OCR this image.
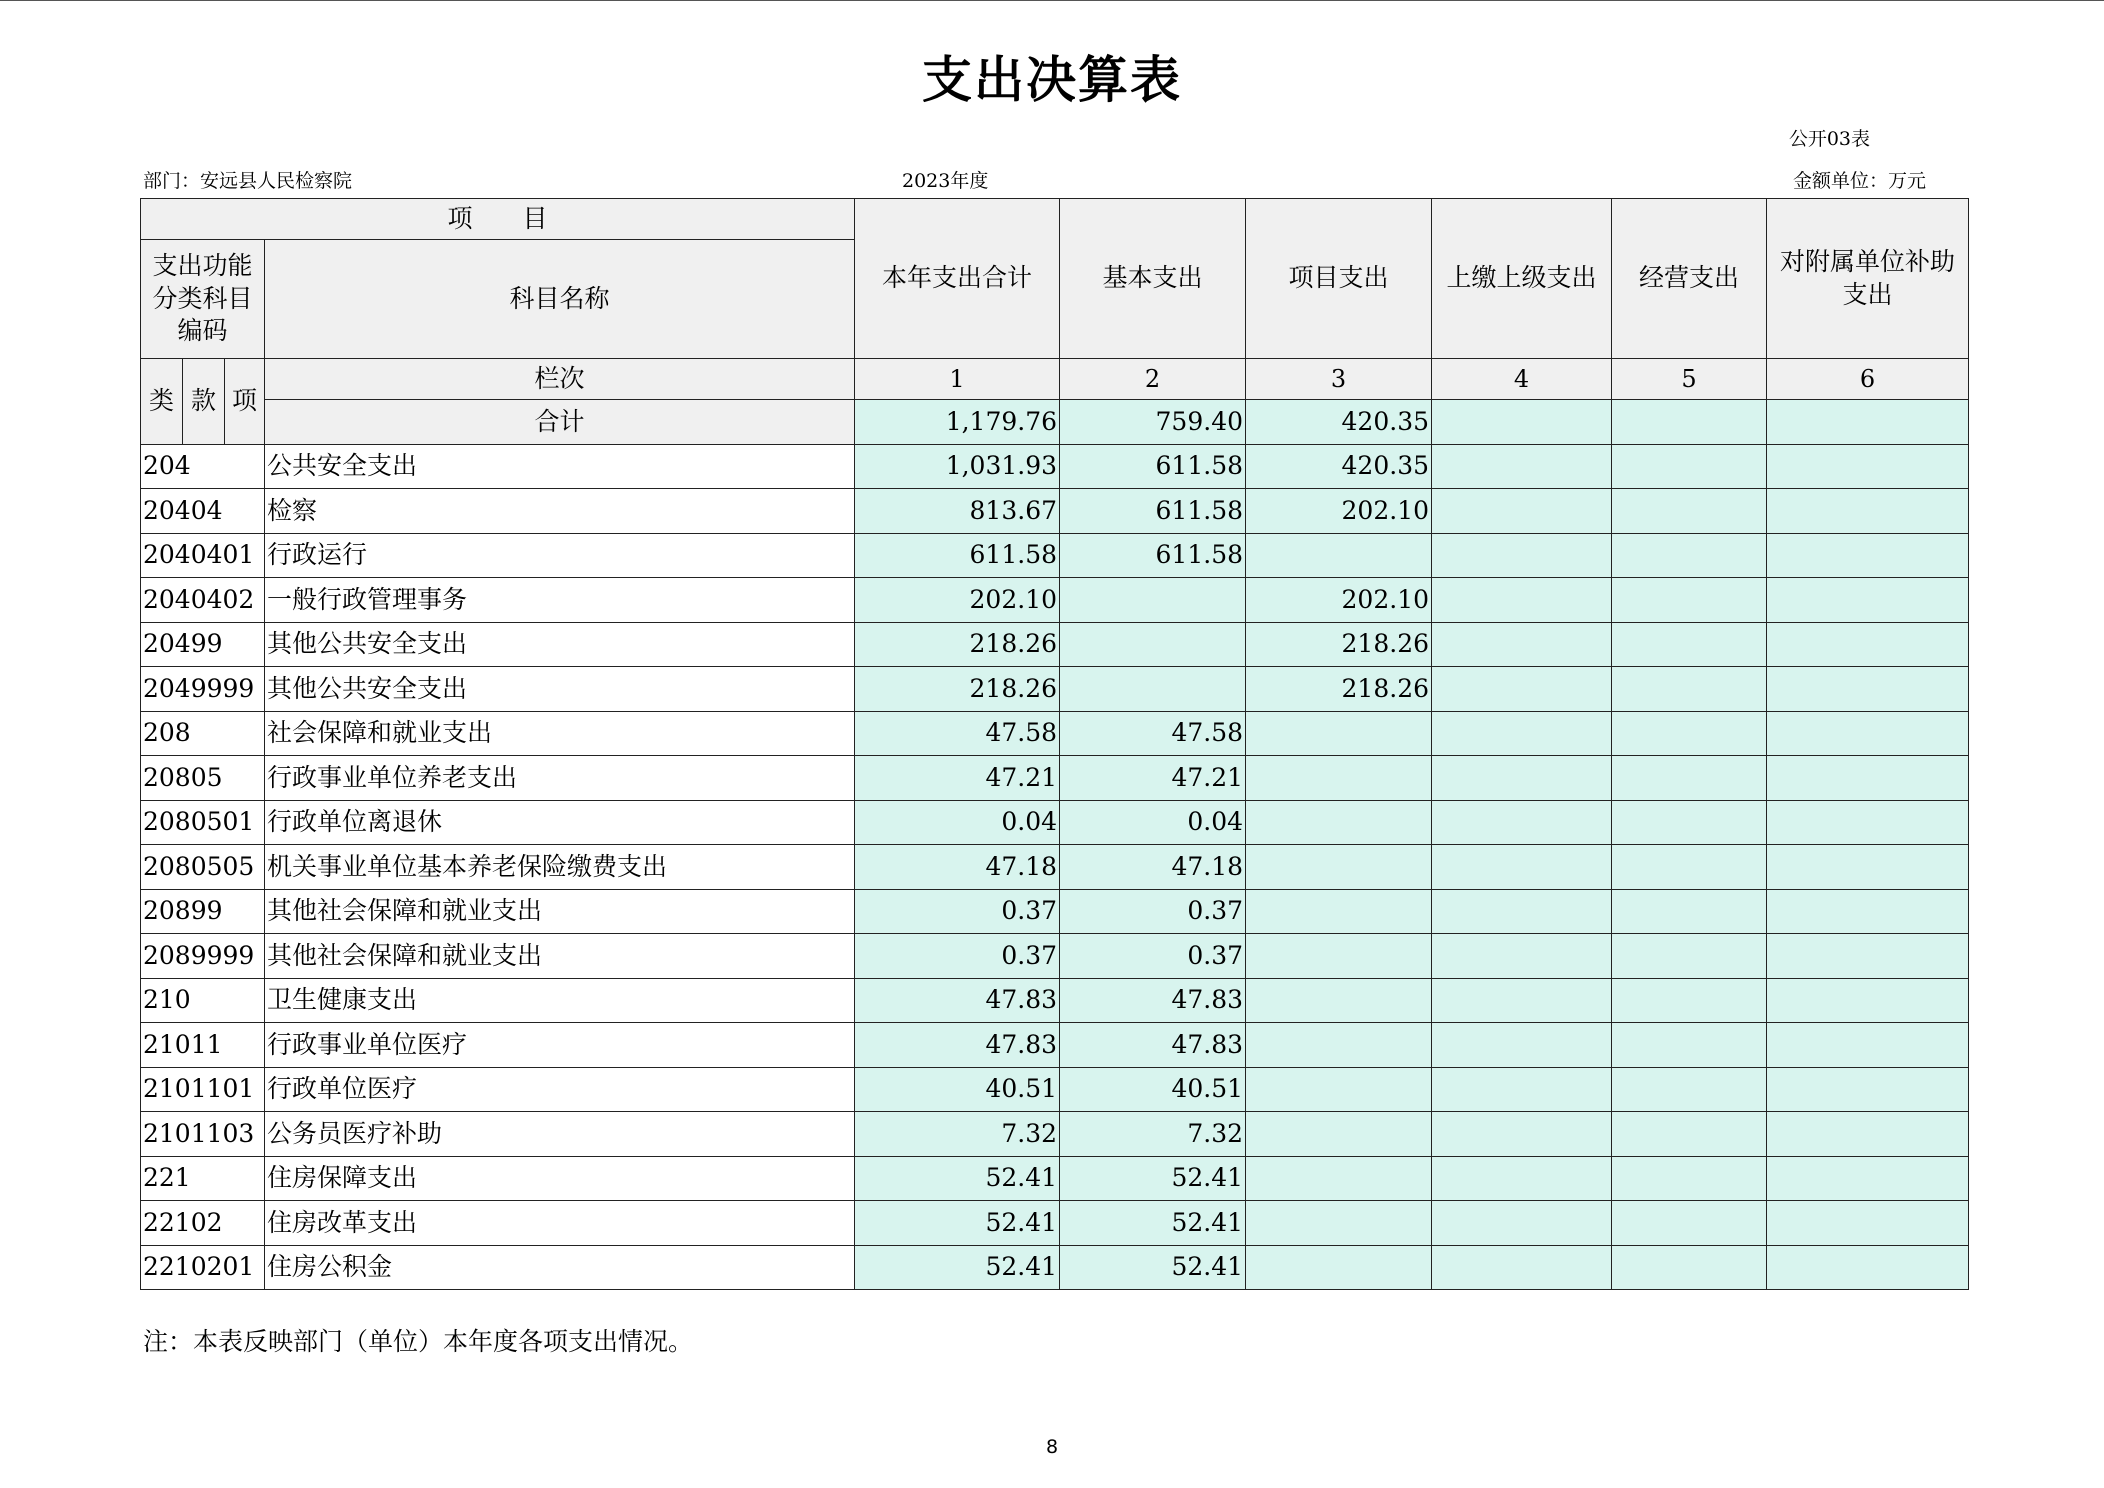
支出决算表
公开03表
部门：安远县人民检察院	2023年度	金额单位：万元
项　　目				本年支出合计	基本支出	项目支出	上缴上级支出	经营支出	对附属单位补助支出
支出功能分类科目编码			科目名称						
类	款	项	栏次	1	2	3	4	5	6
			合计	1,179.76	759.40	420.35			
204			公共安全支出	1,031.93	611.58	420.35			
20404			检察	813.67	611.58	202.10			
2040401			行政运行	611.58	611.58				
2040402			一般行政管理事务	202.10		202.10			
20499			其他公共安全支出	218.26		218.26			
2049999			其他公共安全支出	218.26		218.26			
208			社会保障和就业支出	47.58	47.58				
20805			行政事业单位养老支出	47.21	47.21				
2080501			行政单位离退休	0.04	0.04				
2080505			机关事业单位基本养老保险缴费支出	47.18	47.18				
20899			其他社会保障和就业支出	0.37	0.37				
2089999			其他社会保障和就业支出	0.37	0.37				
210			卫生健康支出	47.83	47.83				
21011			行政事业单位医疗	47.83	47.83				
2101101			行政单位医疗	40.51	40.51				
2101103			公务员医疗补助	7.32	7.32				
221			住房保障支出	52.41	52.41				
22102			住房改革支出	52.41	52.41				
2210201			住房公积金	52.41	52.41				
注：本表反映部门（单位）本年度各项支出情况。
8
